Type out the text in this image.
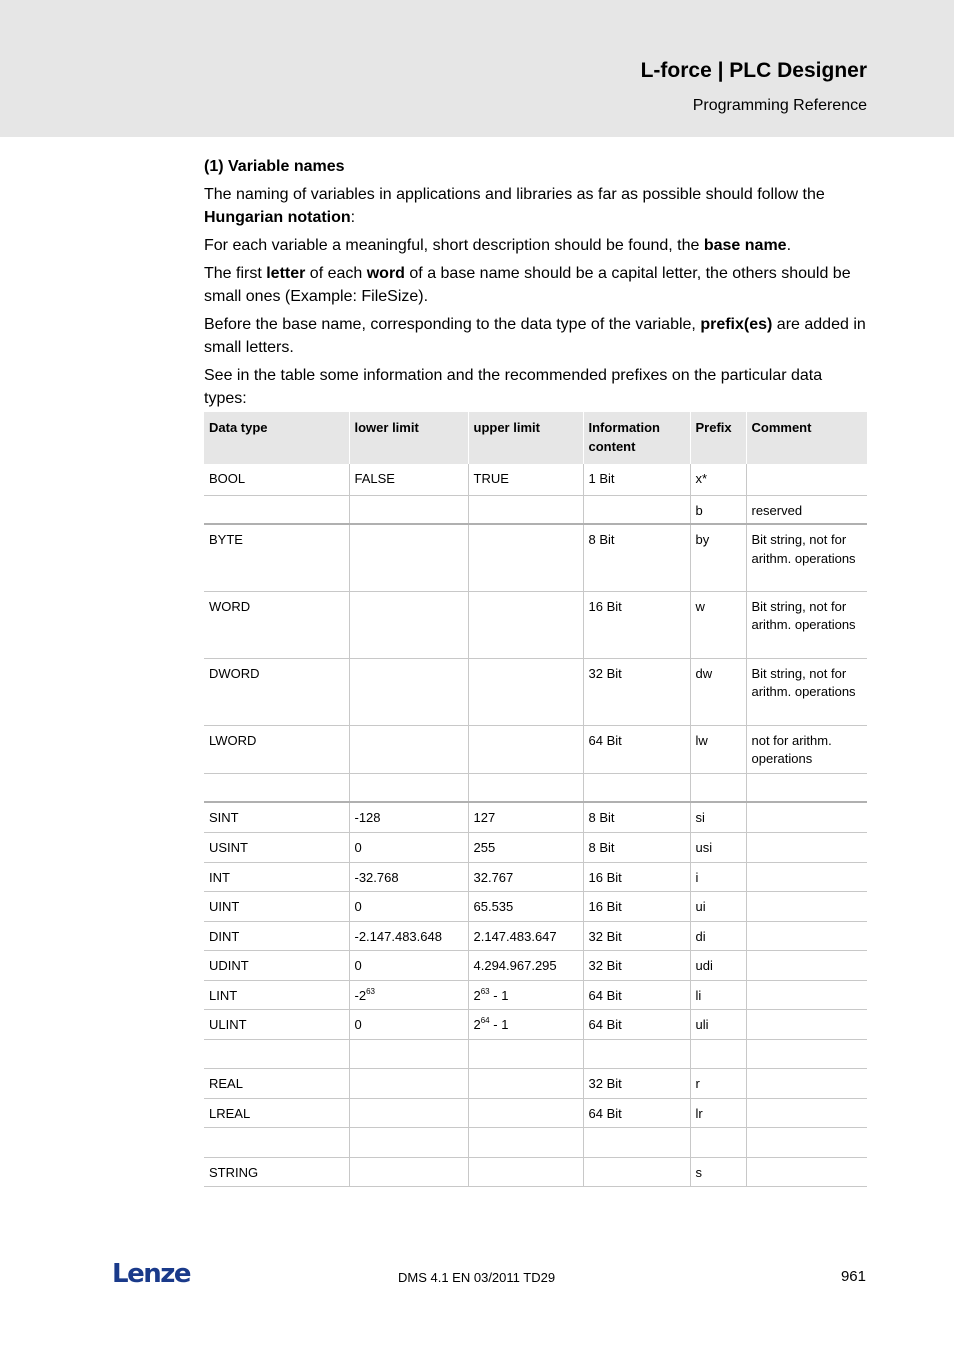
L-force | PLC Designer
Programming Reference
(1) Variable names

The naming of variables in applications and libraries as far as possible should follow the Hungarian notation:

For each variable a meaningful, short description should be found, the base name.

The first letter of each word of a base name should be a capital letter, the others should be small ones (Example: FileSize).

Before the base name, corresponding to the data type of the variable, prefix(es) are added in small letters.

See in the table some information and the recommended prefixes on the particular data types:

Data type	lower limit	upper limit	Information content	Prefix	Comment
BOOL	FALSE	TRUE	1 Bit	x*	
				b	reserved
BYTE			8 Bit	by	Bit string, not for arithm. operations
WORD			16 Bit	w	Bit string, not for arithm. operations
DWORD			32 Bit	dw	Bit string, not for arithm. operations
LWORD			64 Bit	lw	not for arithm. operations

SINT	-128	127	8 Bit	si	
USINT	0	255	8 Bit	usi	
INT	-32.768	32.767	16 Bit	i	
UINT	0	65.535	16 Bit	ui	
DINT	-2.147.483.648	2.147.483.647	32 Bit	di	
UDINT	0	4.294.967.295	32 Bit	udi	
LINT	$-2^{63}$	$2^{63} - 1$	64 Bit	li	
ULINT	0	$2^{64} - 1$	64 Bit	uli	

REAL			32 Bit	r	
LREAL			64 Bit	lr	

STRING				s	
Lenze	DMS 4.1 EN 03/2011 TD29	961
